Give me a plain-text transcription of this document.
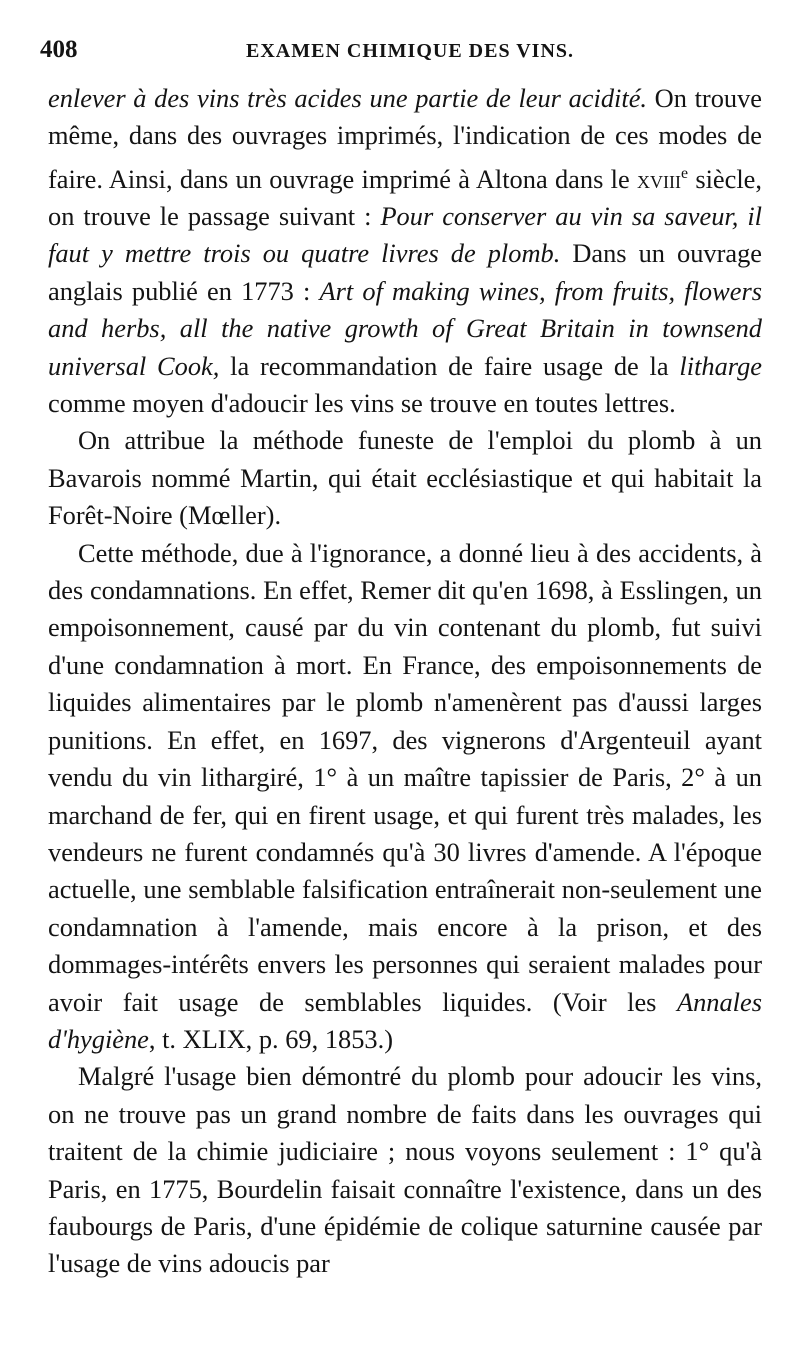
408	EXAMEN CHIMIQUE DES VINS.

enlever à des vins très acides une partie de leur acidité. On trouve même, dans des ouvrages imprimés, l'indication de ces modes de faire. Ainsi, dans un ouvrage imprimé à Altona dans le xviii$^e$ siècle, on trouve le passage suivant : Pour conserver au vin sa saveur, il faut y mettre trois ou quatre livres de plomb. Dans un ouvrage anglais publié en 1773 : Art of making wines, from fruits, flowers and herbs, all the native growth of Great Britain in townsend universal Cook, la recommandation de faire usage de la litharge comme moyen d'adoucir les vins se trouve en toutes lettres.

On attribue la méthode funeste de l'emploi du plomb à un Bavarois nommé Martin, qui était ecclésiastique et qui habitait la Forêt-Noire (Mœller).

Cette méthode, due à l'ignorance, a donné lieu à des accidents, à des condamnations. En effet, Remer dit qu'en 1698, à Esslingen, un empoisonnement, causé par du vin contenant du plomb, fut suivi d'une condamnation à mort. En France, des empoisonnements de liquides alimentaires par le plomb n'amenèrent pas d'aussi larges punitions. En effet, en 1697, des vignerons d'Argenteuil ayant vendu du vin lithargiré, 1° à un maître tapissier de Paris, 2° à un marchand de fer, qui en firent usage, et qui furent très malades, les vendeurs ne furent condamnés qu'à 30 livres d'amende. A l'époque actuelle, une semblable falsification entraînerait non-seulement une condamnation à l'amende, mais encore à la prison, et des dommages-intérêts envers les personnes qui seraient malades pour avoir fait usage de semblables liquides. (Voir les Annales d'hygiène, t. XLIX, p. 69, 1853.)

Malgré l'usage bien démontré du plomb pour adoucir les vins, on ne trouve pas un grand nombre de faits dans les ouvrages qui traitent de la chimie judiciaire ; nous voyons seulement : 1° qu'à Paris, en 1775, Bourdelin faisait connaître l'existence, dans un des faubourgs de Paris, d'une épidémie de colique saturnine causée par l'usage de vins adoucis par
